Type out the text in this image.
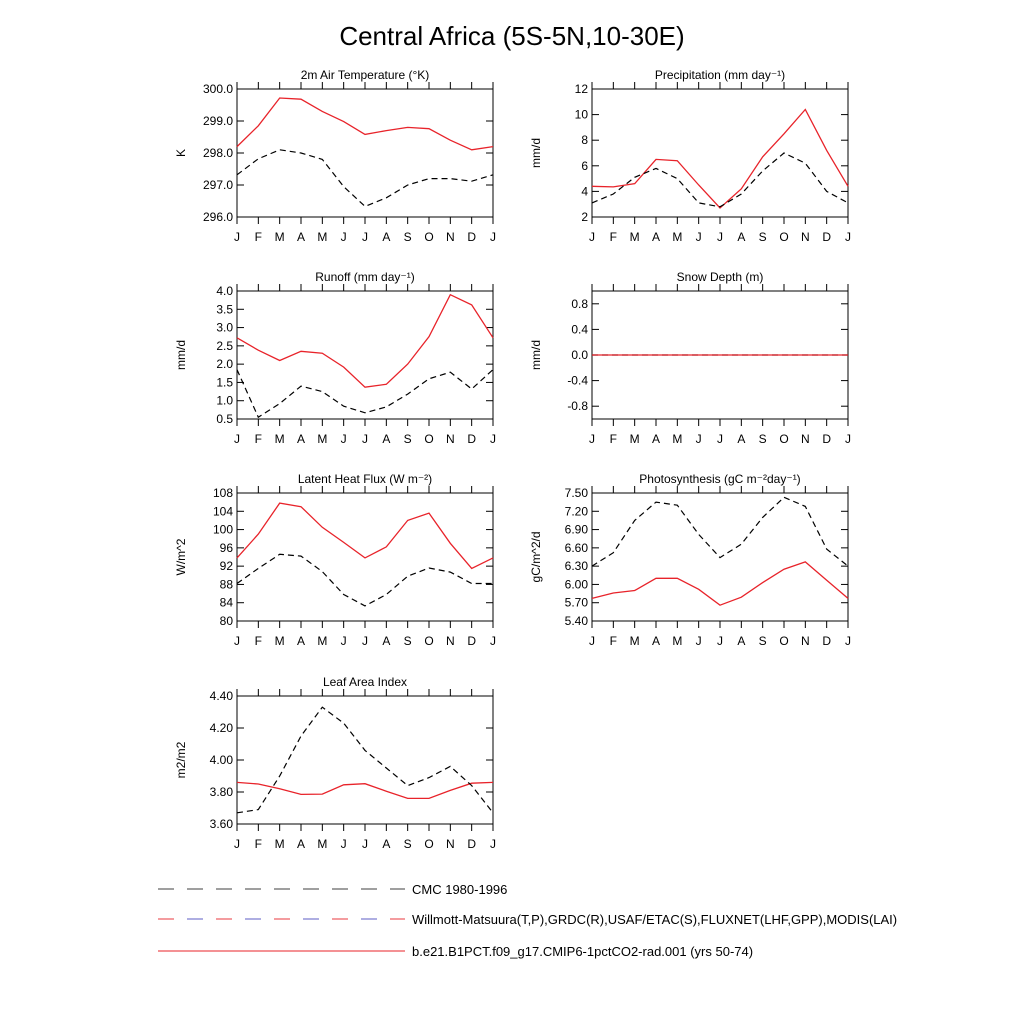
Central Africa (5S-5N,10-30E)
2m Air Temperature (°K)
K
296.0
297.0
298.0
299.0
300.0
J F M A M J J A S O N D J
Precipitation (mm day⁻¹)
mm/d
2
4
6
8
10
12
J F M A M J J A S O N D J
Runoff (mm day⁻¹)
mm/d
0.5
1.0
1.5
2.0
2.5
3.0
3.5
4.0
J F M A M J J A S O N D J
Snow Depth (m)
mm/d
-0.8
-0.4
0.0
0.4
0.8
J F M A M J J A S O N D J
Latent Heat Flux (W m⁻²)
W/m^2
80
84
88
92
96
100
104
108
J F M A M J J A S O N D J
Photosynthesis (gC m⁻²day⁻¹)
gC/m^2/d
5.40
5.70
6.00
6.30
6.60
6.90
7.20
7.50
J F M A M J J A S O N D J
Leaf Area Index
m2/m2
3.60
3.80
4.00
4.20
4.40
J F M A M J J A S O N D J
CMC 1980-1996
Willmott-Matsuura(T,P),GRDC(R),USAF/ETAC(S),FLUXNET(LHF,GPP),MODIS(LAI)
b.e21.B1PCT.f09_g17.CMIP6-1pctCO2-rad.001 (yrs 50-74)
